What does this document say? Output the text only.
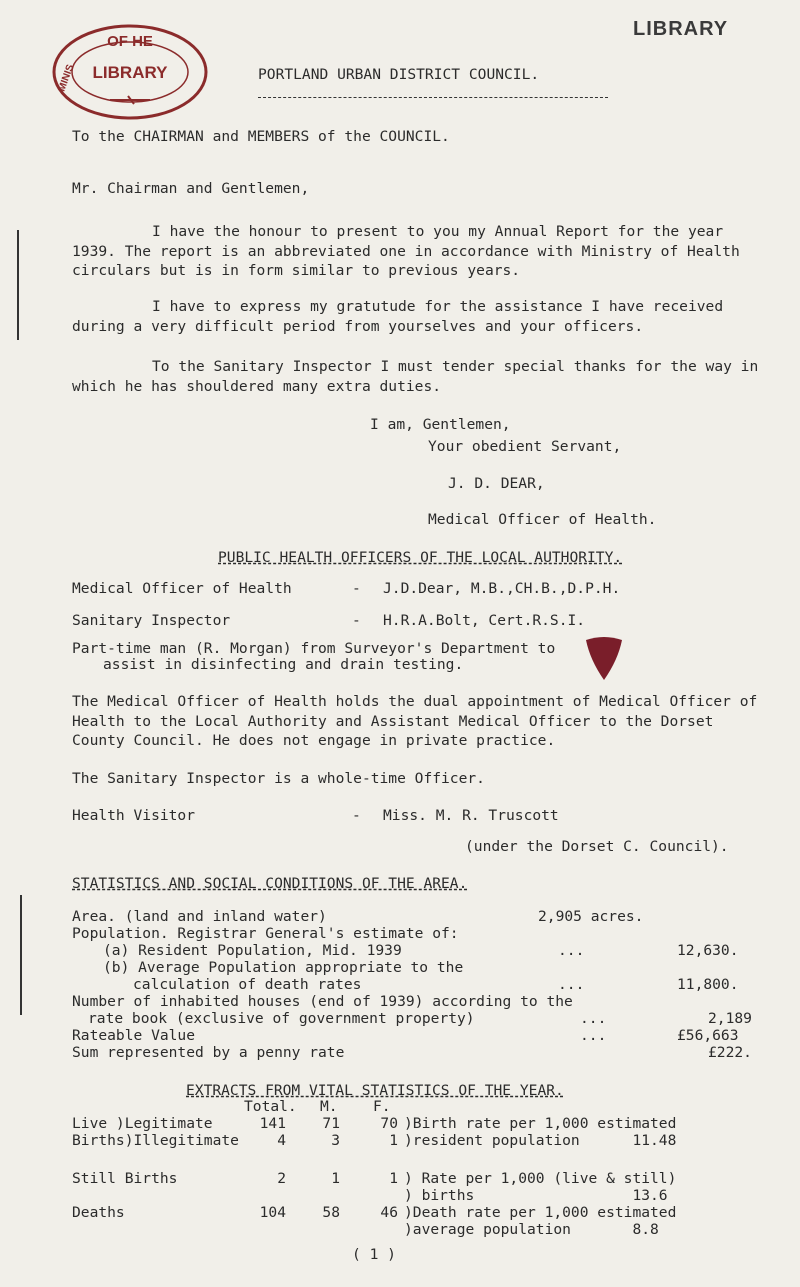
OF HE
LIBRARY
MINIS
LIBRARY
PORTLAND URBAN DISTRICT COUNCIL.
To the CHAIRMAN and MEMBERS of the COUNCIL.
Mr. Chairman and Gentlemen,
I have the honour to present to you my Annual Report for the year 1939. The report is an abbreviated one in accordance with Ministry of Health circulars but is in form similar to previous years.
I have to express my gratutude for the assistance I have received during a very difficult period from yourselves and your officers.
To the Sanitary Inspector I must tender special thanks for the way in which he has shouldered many extra duties.
I am, Gentlemen,
Your obedient Servant,
J. D. DEAR,
Medical Officer of Health.
PUBLIC HEALTH OFFICERS OF THE LOCAL AUTHORITY.
Medical Officer of Health	- J.D.Dear, M.B.,CH.B.,D.P.H.
Sanitary Inspector	- H.R.A.Bolt, Cert.R.S.I.
Part-time man (R. Morgan) from Surveyor's Department to
assist in disinfecting and drain testing.
The Medical Officer of Health holds the dual appointment of Medical Officer of Health to the Local Authority and Assistant Medical Officer to the Dorset County Council. He does not engage in private practice.
The Sanitary Inspector is a whole-time Officer.
Health Visitor	- Miss. M. R. Truscott
(under the Dorset C. Council).
STATISTICS AND SOCIAL CONDITIONS OF THE AREA.
Area. (land and inland water)	2,905 acres.
Population. Registrar General's estimate of:
(a) Resident Population, Mid. 1939	...	12,630.
(b) Average Population appropriate to the
calculation of death rates	...	11,800.
Number of inhabited houses (end of 1939) according to the
rate book (exclusive of government property)	...	2,189
Rateable Value	...	£56,663
Sum represented by a penny rate	£222.
EXTRACTS FROM VITAL STATISTICS OF THE YEAR.
Total. M. F.
Live )Legitimate	141	71	70 )Birth rate per 1,000 estimated
Births)Illegitimate	4	3	1 )resident population      11.48
Still Births	2	1	1 ) Rate per 1,000 (live & still)
) births                  13.6
Deaths	104	58	46 )Death rate per 1,000 estimated
)average population       8.8
( 1 )
